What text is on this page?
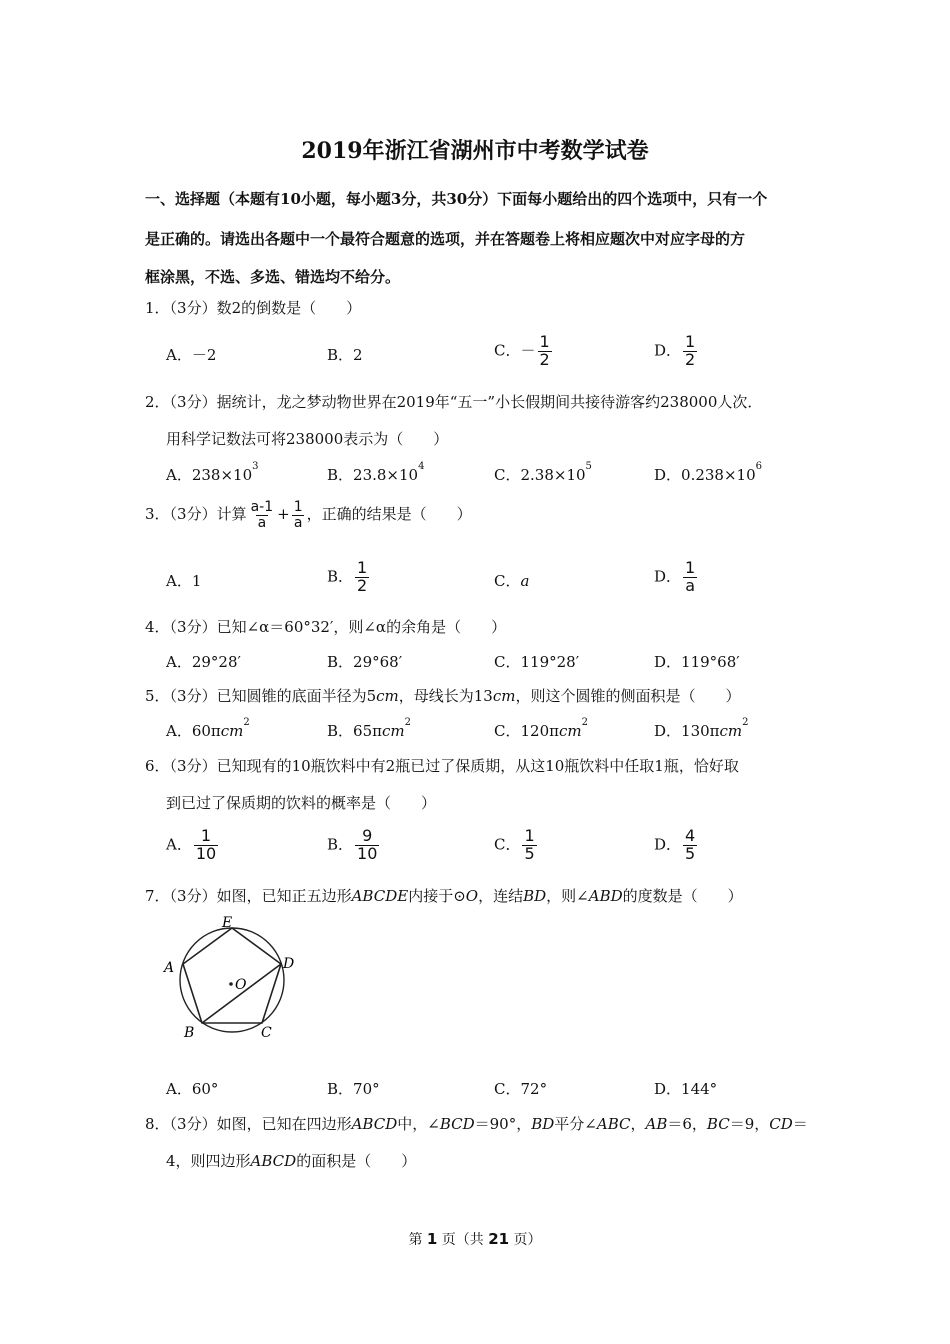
2019年浙江省湖州市中考数学试卷
一、选择题（本题有10小题，每小题3分，共30分）下面每小题给出的四个选项中，只有一个
是正确的。请选出各题中一个最符合题意的选项，并在答题卷上将相应题次中对应字母的方
框涂黑，不选、多选、错选均不给分。
1．（3分）数2的倒数是（　　）
A．－2	B．2	C．－ $\frac{1}{2}$	D． $\frac{1}{2}$
2．（3分）据统计，龙之梦动物世界在2019年“五一”小长假期间共接待游客约238000人次．
用科学记数法可将238000表示为（　　）
A．$238\times 10^3$	B．$23.8\times 10^4$	C．$2.38\times 10^5$	D．$0.238\times 10^6$
3．（3分）计算 $\frac{a-1}{a} + \frac{1}{a}$ ，正确的结果是（　　）
A．1	B． $\frac{1}{2}$	C．a	D． $\frac{1}{a}$
4．（3分）已知∠α＝60°32′，则∠α的余角是（　　）
A．29°28′	B．29°68′	C．119°28′	D．119°68′
5．（3分）已知圆锥的底面半径为5cm，母线长为13cm，则这个圆锥的侧面积是（　　）
A．60πcm$^2$	B．65πcm$^2$	C．120πcm$^2$	D．130πcm$^2$
6．（3分）已知现有的10瓶饮料中有2瓶已过了保质期，从这10瓶饮料中任取1瓶，恰好取
到已过了保质期的饮料的概率是（　　）
A． $\frac{1}{10}$	B． $\frac{9}{10}$	C． $\frac{1}{5}$	D． $\frac{4}{5}$
7．（3分）如图，已知正五边形ABCDE内接于⊙O，连结BD，则∠ABD的度数是（　　）
E
A	D
O
B	C
A．60°	B．70°	C．72°	D．144°
8．（3分）如图，已知在四边形ABCD中，∠BCD＝90°，BD平分∠ABC，AB＝6，BC＝9，CD＝
4，则四边形ABCD的面积是（　　）
第 1 页（共 21 页）
